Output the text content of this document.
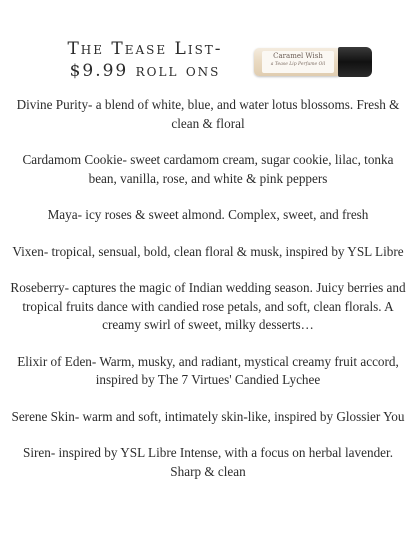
The Tease List-
$9.99 roll ons
Caramel Wish
a Tease Lip Perfume Oil
Divine Purity- a blend of white, blue, and water lotus blossoms. Fresh & clean & floral
Cardamom Cookie- sweet cardamom cream, sugar cookie, lilac, tonka bean, vanilla, rose, and white & pink peppers
Maya- icy roses & sweet almond. Complex, sweet, and fresh
Vixen- tropical, sensual, bold, clean floral & musk, inspired by YSL Libre
Roseberry- captures the magic of Indian wedding season. Juicy berries and tropical fruits dance with candied rose petals, and soft, clean florals. A creamy swirl of sweet, milky desserts…
Elixir of Eden- Warm, musky, and radiant, mystical creamy fruit accord, inspired by The 7 Virtues' Candied Lychee
Serene Skin- warm and soft, intimately skin-like, inspired by Glossier You
Siren- inspired by YSL Libre Intense, with a focus on herbal lavender. Sharp & clean
